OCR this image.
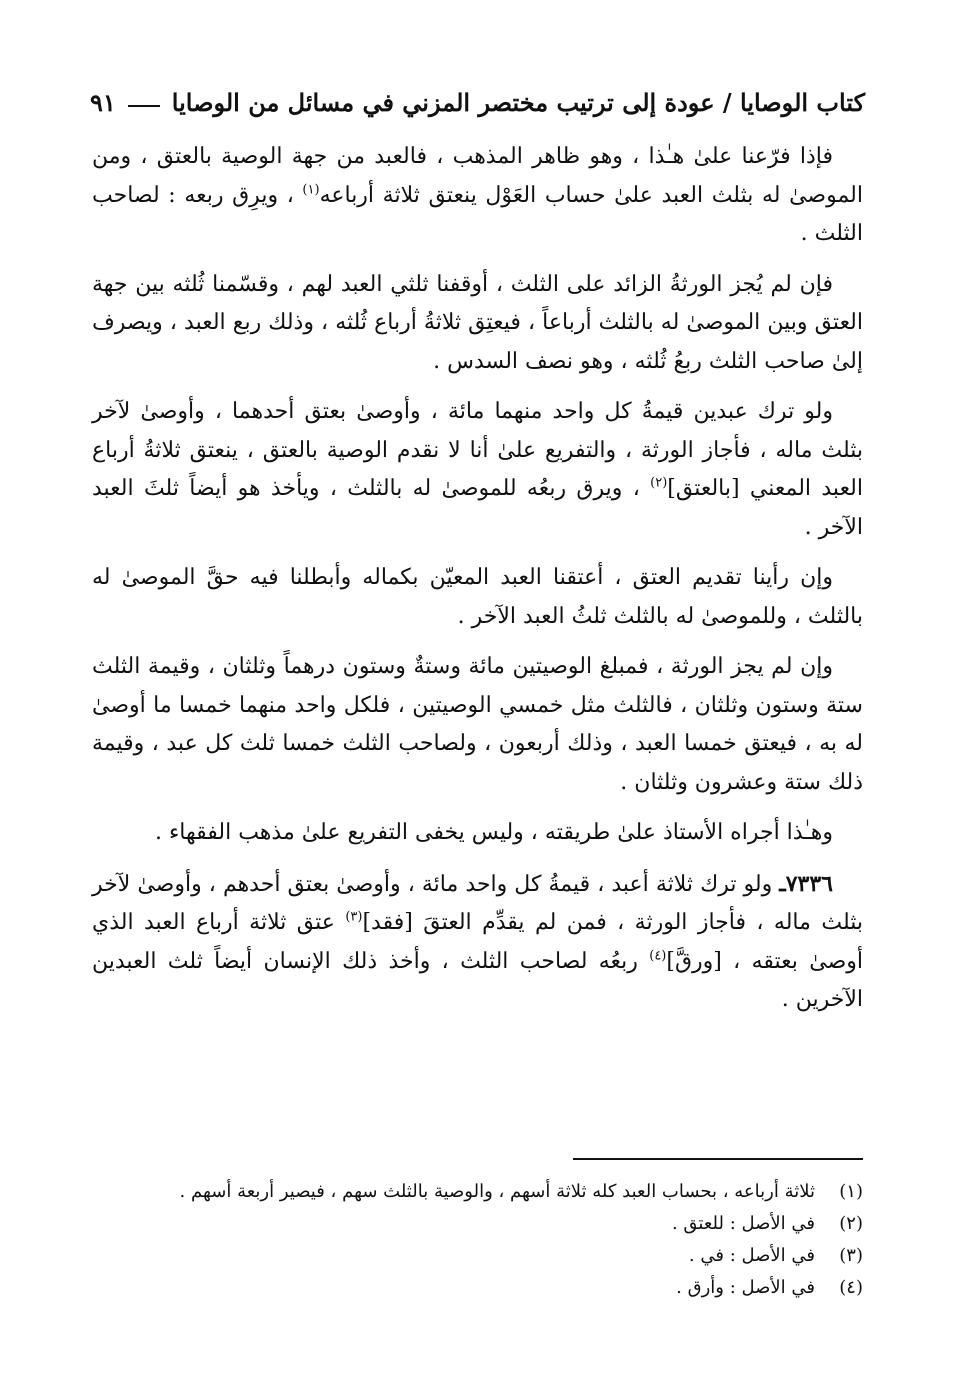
كتاب الوصايا / عودة إلى ترتيب مختصر المزني في مسائل من الوصايا
٩١

فإذا فرّعنا علىٰ هـٰذا ، وهو ظاهر المذهب ، فالعبد من جهة الوصية بالعتق ، ومن الموصىٰ له بثلث العبد علىٰ حساب العَوْل ينعتق ثلاثة أرباعه$^{(١)}$ ، ويرِق ربعه : لصاحب الثلث .

فإن لم يُجز الورثةُ الزائد على الثلث ، أوقفنا ثلثي العبد لهم ، وقسّمنا ثُلثه بين جهة العتق وبين الموصىٰ له بالثلث أرباعاً ، فيعتِق ثلاثةُ أرباع ثُلثه ، وذلك ربع العبد ، ويصرف إلىٰ صاحب الثلث ربعُ ثُلثه ، وهو نصف السدس .

ولو ترك عبدين قيمةُ كل واحد منهما مائة ، وأوصىٰ بعتق أحدهما ، وأوصىٰ لآخر بثلث ماله ، فأجاز الورثة ، والتفريع علىٰ أنا لا نقدم الوصية بالعتق ، ينعتق ثلاثةُ أرباع العبد المعني [بالعتق]$^{(٢)}$ ، ويرق ربعُه للموصىٰ له بالثلث ، ويأخذ هو أيضاً ثلثَ العبد الآخر .

وإن رأينا تقديم العتق ، أعتقنا العبد المعيّن بكماله وأبطلنا فيه حقَّ الموصىٰ له بالثلث ، وللموصىٰ له بالثلث ثلثُ العبد الآخر .

وإن لم يجز الورثة ، فمبلغ الوصيتين مائة وستةٌ وستون درهماً وثلثان ، وقيمة الثلث ستة وستون وثلثان ، فالثلث مثل خمسي الوصيتين ، فلكل واحد منهما خمسا ما أوصىٰ له به ، فيعتق خمسا العبد ، وذلك أربعون ، ولصاحب الثلث خمسا ثلث كل عبد ، وقيمة ذلك ستة وعشرون وثلثان .

وهـٰذا أجراه الأستاذ علىٰ طريقته ، وليس يخفى التفريع علىٰ مذهب الفقهاء .

٧٣٣٦ـ ولو ترك ثلاثة أعبد ، قيمةُ كل واحد مائة ، وأوصىٰ بعتق أحدهم ، وأوصىٰ لآخر بثلث ماله ، فأجاز الورثة ، فمن لم يقدِّم العتقَ [فقد]$^{(٣)}$ عتق ثلاثة أرباع العبد الذي أوصىٰ بعتقه ، [ورقَّ]$^{(٤)}$ ربعُه لصاحب الثلث ، وأخذ ذلك الإنسان أيضاً ثلث العبدين الآخرين .

(١)
ثلاثة أرباعه ، بحساب العبد كله ثلاثة أسهم ، والوصية بالثلث سهم ، فيصير أربعة أسهم .
(٢)
في الأصل : للعتق .
(٣)
في الأصل : في .
(٤)
في الأصل : وأرق .
